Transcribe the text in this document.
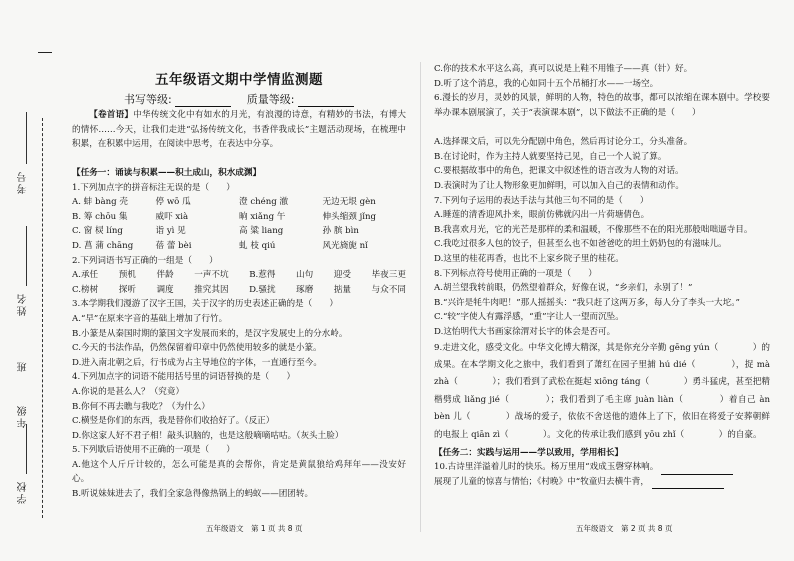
考号
姓名
班
年级
学校
五年级语文期中学情监测题
书写等级:	质量等级:
【卷首语】中华传统文化中有如水的月光，有浪漫的诗意，有精妙的书法，有博大的情怀……今天，让我们走进“弘扬传统文化，书香伴我成长”主题活动现场，在梳理中积累，在积累中运用，在阅读中思考，在表达中分享。
【任务一：诵读与积累——积土成山，积水成渊】
1.下列加点字的拼音标注无误的是（　　）
A. 蚌 bàng 壳	停 wō 瓜	澄 chéng 澈	无边无垠 gèn
B. 筹 chōu 集	威吓 xià	晌 xiǎng 午	伸头缩颈 jǐng
C. 窗 棂 líng	诣 yì 见	高 粱 liang	孙 膑 bìn
D. 菖 蒲 chāng	蓓 蕾 bèi	虬 枝 qiú	风光旖旎 nǐ
2.下列词语书写正确的一组是（　　）
A.承任 预机 伴龄 一声不坑 B.惹得 山句 迎受 毕夜三更
C.榜树 探听 调度 推究其因 D.骚扰 琢磨 掂量 与众不同
3.本学期我们漫游了汉字王国，关于汉字的历史表述正确的是（　　）
A.“早”在原来字音的基础上增加了行竹。
B.小篆是从秦国时期的篆国文字发展而来的，是汉字发展史上的分水岭。
C.今天的书法作品，仍然保留着印章中仍然使用较多的就是小篆。
D.进入南北朝之后，行书成为占主导地位的字体，一直通行至今。
4.下列加点字的词语不能用括号里的词语替换的是（　　）
A.你说的是甚么人？（究竟）
B.你何不再去瞧与我吃？（为什么）
C.横竖是你们的东西，我是替你们收拾好了。（反正）
D.你这家人好不君子相！敲头识脑的，也是这般嘀嘀咕咕。（灰头土脸）
5.下列歇后语使用不正确的一项是（　　）
A.他这个人斤斤计较的，怎么可能是真的会帮你，肯定是黄鼠狼给鸡拜年——没安好心。
B.听说妹妹进去了，我们全家急得像热锅上的蚂蚁——团团转。
C.你的技术水平这么高，真可以说是上鞋不用锥子——真（针）好。
D.听了这个消息，我的心如同十五个吊桶打水——一场空。
6.漫长的岁月，灵妙的风景，鲜明的人物，特色的故事，都可以浓缩在课本剧中。学校要举办课本剧展演了，关于“表演课本剧”，以下做法不正确的是（　　）
A.选择课文后，可以先分配剧中角色，然后再讨论分工，分头准备。
B.在讨论时，作为主持人就要坚持己见，自己一个人说了算。
C.要根据故事中的角色，把课文中叙述性的语言改为人物的对话。
D.表演时为了让人物形象更加鲜明，可以加入自己的表情和动作。
7.下列句子运用的表达手法与其他三句不同的是（　　）
A.睡莲的清香迎风扑来，眼前仿佛就闪出一片荷塘倩色。
B.我喜欢月光，它的光芒是那样的柔和温暖，不像那些不在的阳光那般咄咄逼寺目。
C.我吃过很多人包的饺子，但甚至么也不如爸爸吃的坦土奶奶包的有滋味儿。
D.这里的桂花再香，也比不上家乡院子里的桂花。
8.下列标点符号使用正确的一项是（　　）
A.胡兰望我转前眼，仍然望着群众，好像在说，“乡亲们，永别了！”
B.“兴许是牦牛肉吧！”那人摇摇头：“我只赶了这两万多，每人分了李头一大坨。”
C.“较”字使人有露浮感，“重”字让人一望而沉坠。
D.这怡明代大书画家徐渭对长字的体会是否可。
9.走进文化，感受文化。中华文化博大精深，其是你充分辛勤 gēng yún（　　　　）的成果。在本学期文化之旅中，我们看到了萧红在园子里捕 hú dié（　　　　），捉 mà zhà（　　　　）；我们看到了武松在挺起 xiōng táng（　　　　）勇斗猛虎，甚至把精楷劈成 liǎng jié（　　　　）；我们看到了毛主席 juàn liàn（　　　　）着自己 àn bèn 儿（　　　　）战场的爱子，依依不舍送他的遗体上了下，依旧在将爱子安葬朝鲜的电报上 qiān zì（　　　　）。文化的传承让我们感到 yōu zhǐ（　　　　）的自豪。
【任务二：实践与运用——学以致用，学用相长】
10.古诗里洋溢着儿时的快乐。杨万里用“戏成玉磬穿林响。
展现了儿童的惊喜与情怡；《村晚》中“牧童归去横牛背，
五年级语文　第 1 页 共 8 页	五年级语文　第 2 页 共 8 页
